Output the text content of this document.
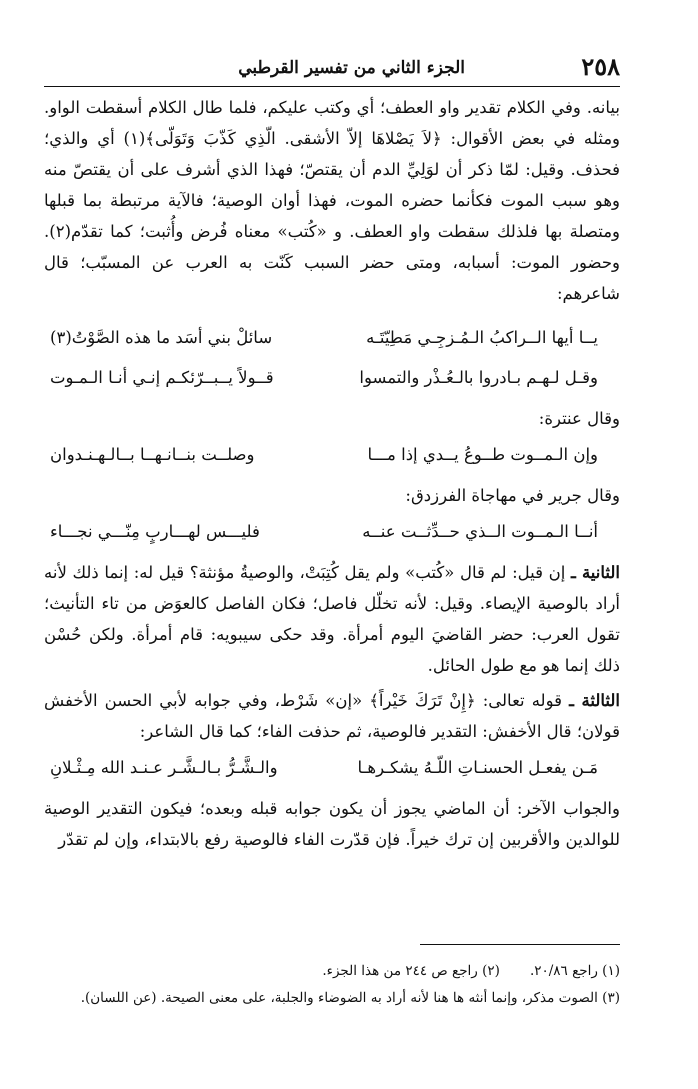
٢٥٨
الجزء الثاني من تفسير القرطبي

بيانه. وفي الكلام تقدير واو العطف؛ أي وكتب عليكم، فلما طال الكلام أسقطت الواو. ومثله في بعض الأقوال: ﴿لاَ يَصْلاهَا إلاّ الأشقى. الّذِي كَذّبَ وَتَوَلّى﴾(١) أي والذي؛ فحذف. وقيل: لمّا ذكر أن لوَلِيِّ الدم أن يقتصّ؛ فهذا الذي أشرف على أن يقتصّ منه وهو سبب الموت فكأنما حضره الموت، فهذا أوان الوصية؛ فالآية مرتبطة بما قبلها ومتصلة بها فلذلك سقطت واو العطف. و «كُتب» معناه فُرض وأُثبت؛ كما تقدّم(٢). وحضور الموت: أسبابه، ومتى حضر السبب كَنّت به العرب عن المسبّب؛ قال شاعرهم:

يــا أيها الــراكبُ الـمُـزجِـي مَطِيّتَـه
سائلْ بني أسَد ما هذه الصَّوْتُ(٣)
وقـل لـهـم بـادروا بالـعُـذْر والتمسوا
قــولاً يــبــرّئكـم إنـي أنـا الـمـوت

وقال عنترة:

وإن الـمــوت طــوعُ يــدي إذا مـــا
وصلــت بنــانـهــا بــالـهـنـدوان

وقال جرير في مهاجاة الفرزدق:

أنــا الـمــوت الــذي حــدِّثــت عنــه
فليـــس لهـــاربٍ مِنّـــي نجـــاء

الثانية ـ إن قيل: لم قال «كُتب» ولم يقل كُتِبَتْ، والوصيةُ مؤنثة؟ قيل له: إنما ذلك لأنه أراد بالوصية الإيصاء. وقيل: لأنه تخلّل فاصل؛ فكان الفاصل كالعوَض من تاء التأنيث؛ تقول العرب: حضر القاضيَ اليوم أمرأة. وقد حكى سيبويه: قام أمرأة. ولكن حُسْن ذلك إنما هو مع طول الحائل.

الثالثة ـ قوله تعالى: ﴿إِنْ تَرَكَ خَيْراً﴾ «إن» شَرْط، وفي جوابه لأبي الحسن الأخفش قولان؛ قال الأخفش: التقدير فالوصية، ثم حذفت الفاء؛ كما قال الشاعر:

مَـن يفعـل الحسنـاتِ اللّـهُ يشكـرهـا
والـشَّـرُّ بـالـشَّـر عـنـد الله مِـثْـلانِ

والجواب الآخر: أن الماضي يجوز أن يكون جوابه قبله وبعده؛ فيكون التقدير الوصية للوالدين والأقربين إن ترك خيراً. فإن قدّرت الفاء فالوصية رفع بالابتداء، وإن لم تقدّر

(١) راجع ٢٠/٨٦.(٢) راجع ص ٢٤٤ من هذا الجزء.
(٣) الصوت مذكر، وإنما أنثه ها هنا لأنه أراد به الضوضاء والجلبة، على معنى الصيحة. (عن اللسان).
